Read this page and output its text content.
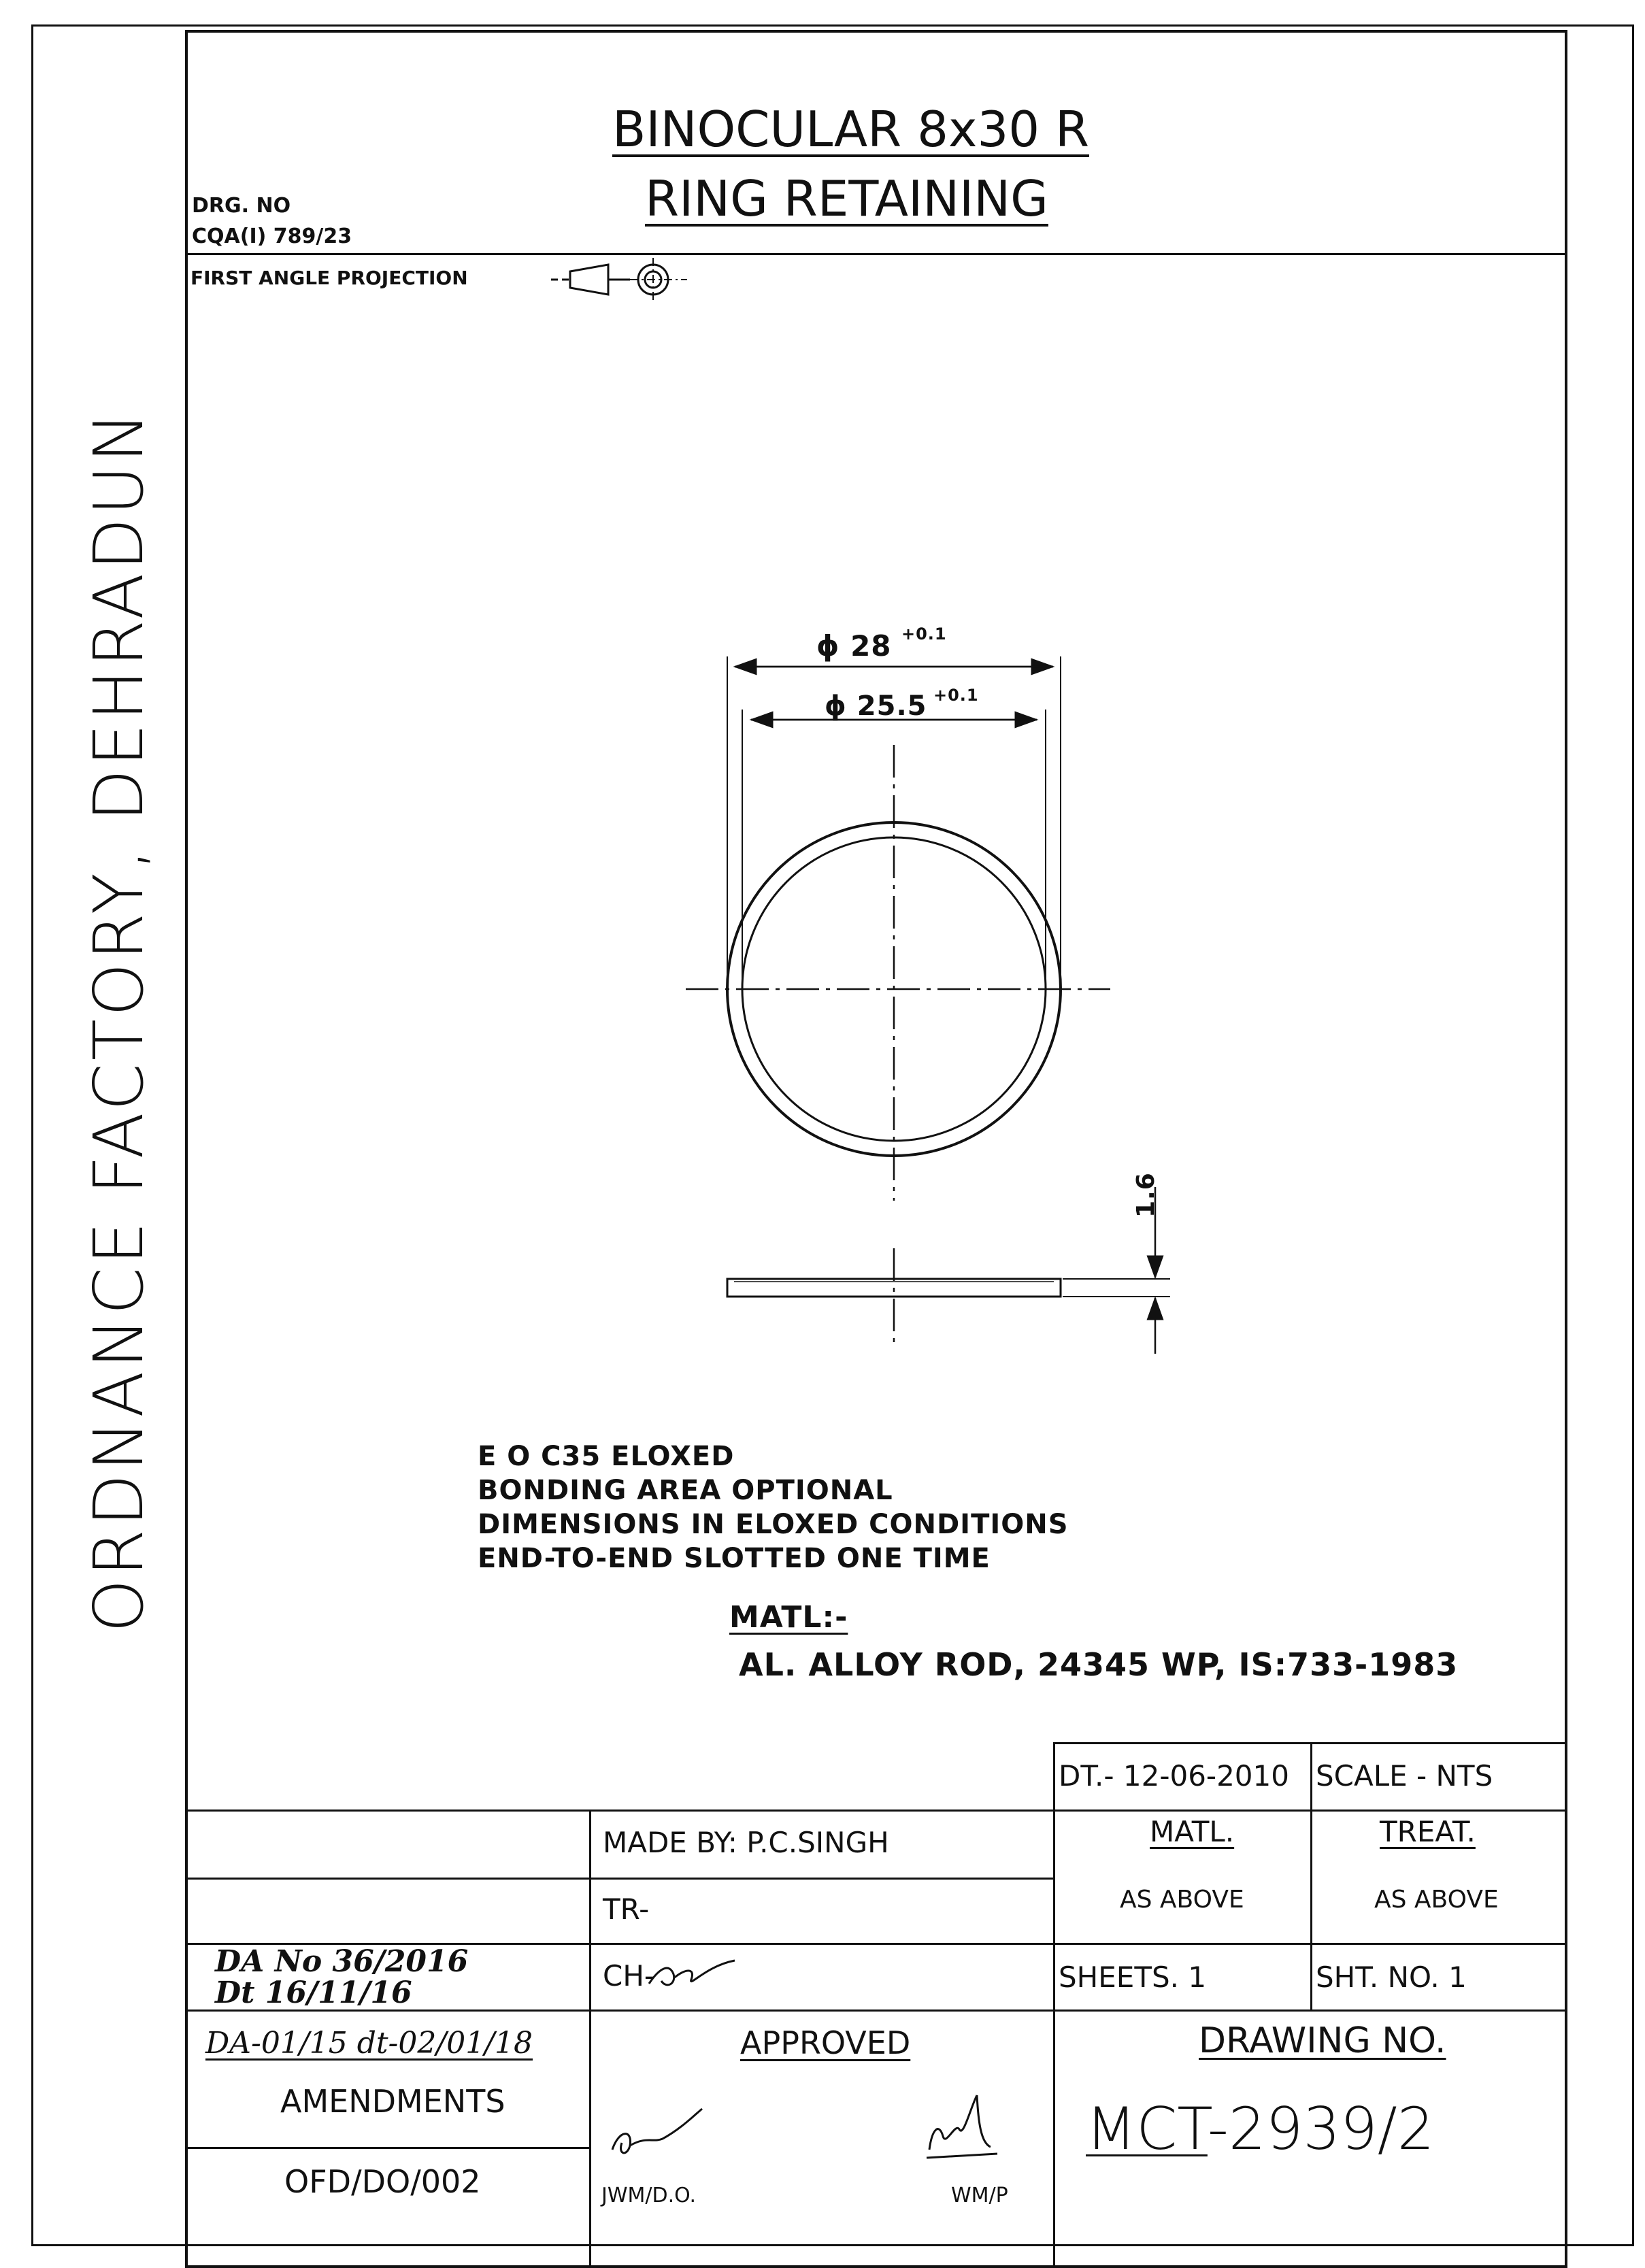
ORDNANCE FACTORY, DEHRADUN
BINOCULAR 8x30 R
RING RETAINING
DRG. NO
CQA(I) 789/23
FIRST ANGLE PROJECTION
ϕ 28 +0.1
ϕ 25.5 +0.1
1.6
E O C35 ELOXED
BONDING AREA OPTIONAL
DIMENSIONS IN ELOXED CONDITIONS
END-TO-END SLOTTED ONE TIME
MATL:-
AL. ALLOY ROD, 24345 WP, IS:733-1983
DT.- 12-06-2010 SCALE - NTS
MADE BY: P.C.SINGH
TR-
CH-
MATL.
AS ABOVE
TREAT.
AS ABOVE
SHEETS. 1	SHT. NO. 1
DA No 36/2016
Dt 16/11/16
DA-01/15 dt-02/01/18
AMENDMENTS
OFD/DO/002
APPROVED
JWM/D.O.	WM/P
DRAWING NO.
MCT-2939/2
